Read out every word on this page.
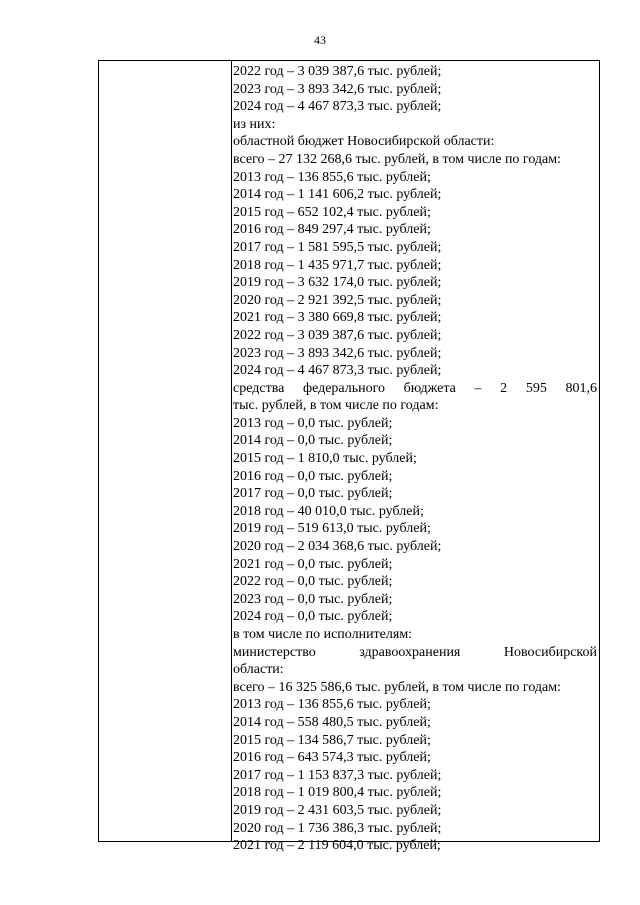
43
2022 год – 3 039 387,6 тыс. рублей;
2023 год – 3 893 342,6 тыс. рублей;
2024 год – 4 467 873,3 тыс. рублей;
из них:
областной бюджет Новосибирской области:
всего – 27 132 268,6 тыс. рублей, в том числе по годам:
2013 год – 136 855,6 тыс. рублей;
2014 год – 1 141 606,2 тыс. рублей;
2015 год – 652 102,4 тыс. рублей;
2016 год – 849 297,4 тыс. рублей;
2017 год – 1 581 595,5 тыс. рублей;
2018 год – 1 435 971,7 тыс. рублей;
2019 год – 3 632 174,0 тыс. рублей;
2020 год – 2 921 392,5 тыс. рублей;
2021 год – 3 380 669,8 тыс. рублей;
2022 год – 3 039 387,6 тыс. рублей;
2023 год – 3 893 342,6 тыс. рублей;
2024 год – 4 467 873,3 тыс. рублей;
средства федерального бюджета – 2 595 801,6
тыс. рублей, в том числе по годам:
2013 год – 0,0 тыс. рублей;
2014 год – 0,0 тыс. рублей;
2015 год – 1 810,0 тыс. рублей;
2016 год – 0,0 тыс. рублей;
2017 год – 0,0 тыс. рублей;
2018 год – 40 010,0 тыс. рублей;
2019 год – 519 613,0 тыс. рублей;
2020 год – 2 034 368,6 тыс. рублей;
2021 год – 0,0 тыс. рублей;
2022 год – 0,0 тыс. рублей;
2023 год – 0,0 тыс. рублей;
2024 год – 0,0 тыс. рублей;
в том числе по исполнителям:
министерство здравоохранения Новосибирской
области:
всего – 16 325 586,6 тыс. рублей, в том числе по годам:
2013 год – 136 855,6 тыс. рублей;
2014 год – 558 480,5 тыс. рублей;
2015 год – 134 586,7 тыс. рублей;
2016 год – 643 574,3 тыс. рублей;
2017 год – 1 153 837,3 тыс. рублей;
2018 год – 1 019 800,4 тыс. рублей;
2019 год – 2 431 603,5 тыс. рублей;
2020 год – 1 736 386,3 тыс. рублей;
2021 год – 2 119 604,0 тыс. рублей;
